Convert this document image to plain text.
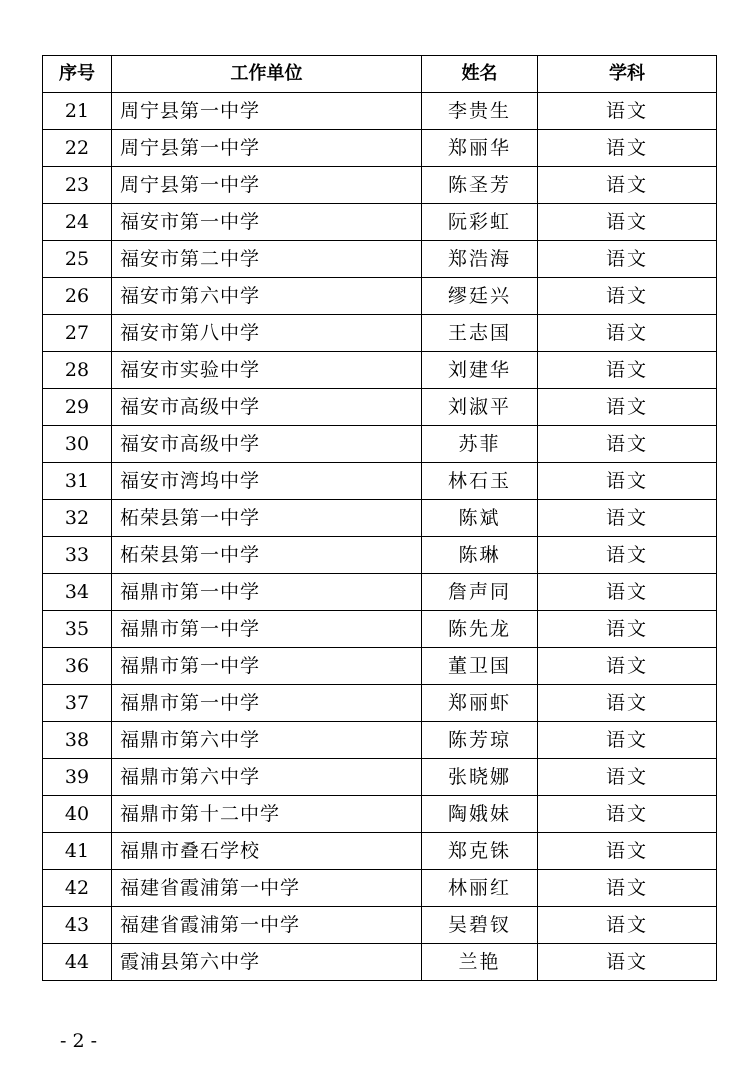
序号	工作单位	姓名	学科
21	周宁县第一中学	李贵生	语文
22	周宁县第一中学	郑丽华	语文
23	周宁县第一中学	陈圣芳	语文
24	福安市第一中学	阮彩虹	语文
25	福安市第二中学	郑浩海	语文
26	福安市第六中学	缪廷兴	语文
27	福安市第八中学	王志国	语文
28	福安市实验中学	刘建华	语文
29	福安市高级中学	刘淑平	语文
30	福安市高级中学	苏菲	语文
31	福安市湾坞中学	林石玉	语文
32	柘荣县第一中学	陈斌	语文
33	柘荣县第一中学	陈琳	语文
34	福鼎市第一中学	詹声同	语文
35	福鼎市第一中学	陈先龙	语文
36	福鼎市第一中学	董卫国	语文
37	福鼎市第一中学	郑丽虾	语文
38	福鼎市第六中学	陈芳琼	语文
39	福鼎市第六中学	张晓娜	语文
40	福鼎市第十二中学	陶娥妹	语文
41	福鼎市叠石学校	郑克铢	语文
42	福建省霞浦第一中学	林丽红	语文
43	福建省霞浦第一中学	吴碧钗	语文
44	霞浦县第六中学	兰艳	语文
- 2 -
